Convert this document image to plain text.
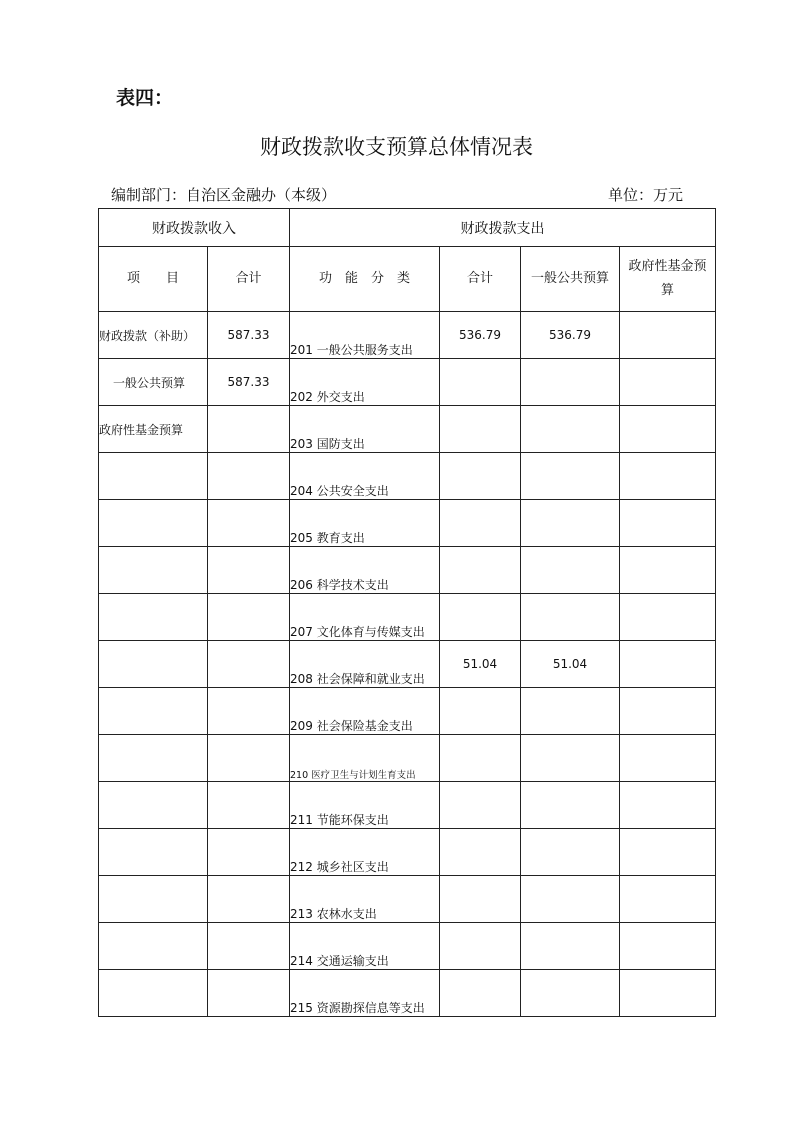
表四：
财政拨款收支预算总体情况表
编制部门：自治区金融办（本级）	单位：万元
财政拨款收入		财政拨款支出			
项　　目	合计	功　能　分　类	合计	一般公共预算	政府性基金预
算
财政拨款（补助）	587.33	201 一般公共服务支出	536.79	536.79	
一般公共预算	587.33	202 外交支出			
政府性基金预算		203 国防支出			
		204 公共安全支出			
		205 教育支出			
		206 科学技术支出			
		207 文化体育与传媒支出			
		208 社会保障和就业支出	51.04	51.04	
		209 社会保险基金支出			
		210 医疗卫生与计划生育支出			
		211 节能环保支出			
		212 城乡社区支出			
		213 农林水支出			
		214 交通运输支出			
		215 资源勘探信息等支出			
